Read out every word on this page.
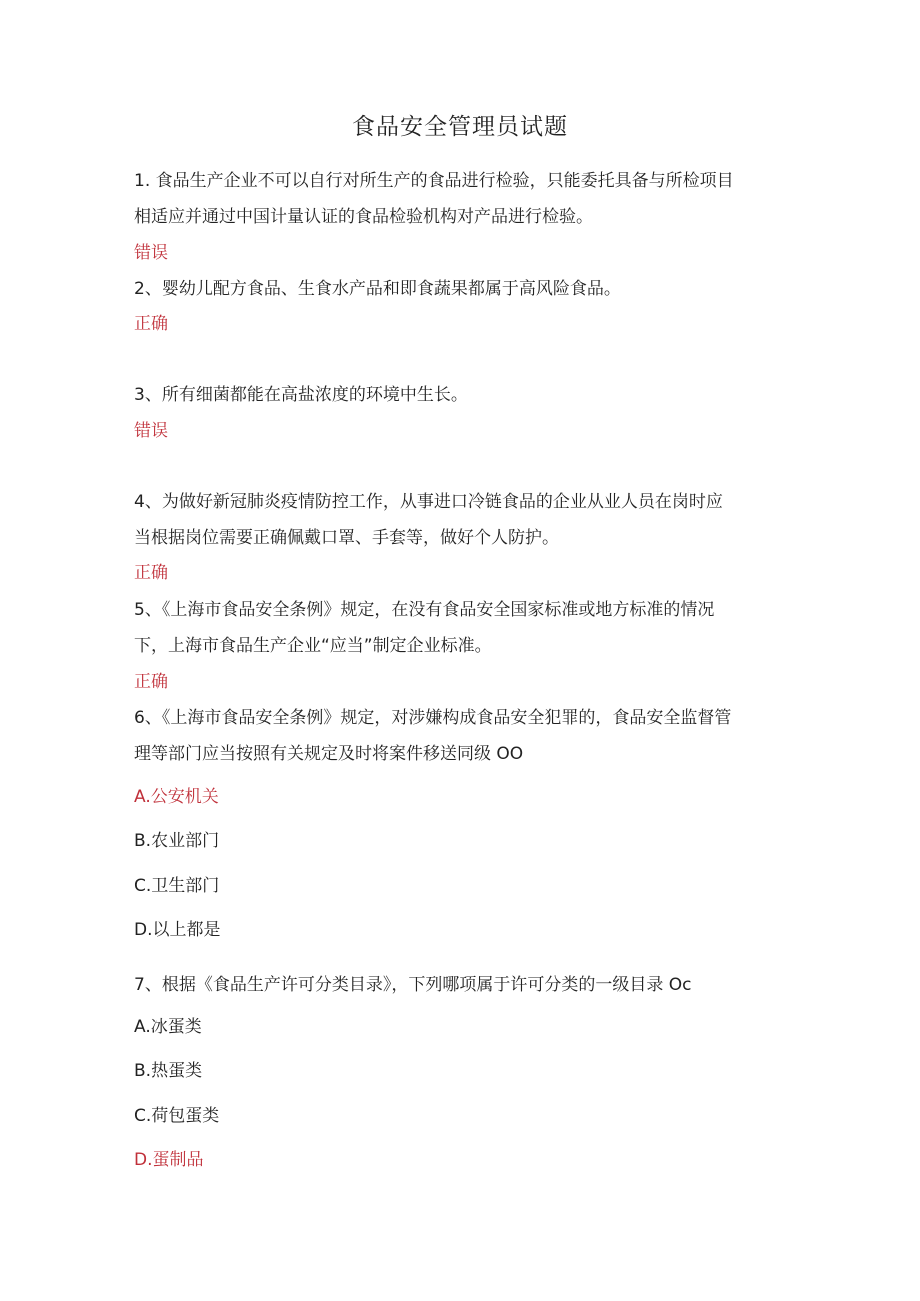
食品安全管理员试题
1. 食品生产企业不可以自行对所生产的食品进行检验，只能委托具备与所检项目
相适应并通过中国计量认证的食品检验机构对产品进行检验。
错误
2、婴幼儿配方食品、生食水产品和即食蔬果都属于高风险食品。
正确
3、所有细菌都能在高盐浓度的环境中生长。
错误
4、为做好新冠肺炎疫情防控工作，从事进口冷链食品的企业从业人员在岗时应
当根据岗位需要正确佩戴口罩、手套等，做好个人防护。
正确
5、《上海市食品安全条例》规定，在没有食品安全国家标准或地方标准的情况
下，上海市食品生产企业“应当”制定企业标准。
正确
6、《上海市食品安全条例》规定，对涉嫌构成食品安全犯罪的，食品安全监督管
理等部门应当按照有关规定及时将案件移送同级 OO
A.公安机关
B.农业部门
C.卫生部门
D.以上都是
7、根据《食品生产许可分类目录》，下列哪项属于许可分类的一级目录 Oc
A.冰蛋类
B.热蛋类
C.荷包蛋类
D.蛋制品
